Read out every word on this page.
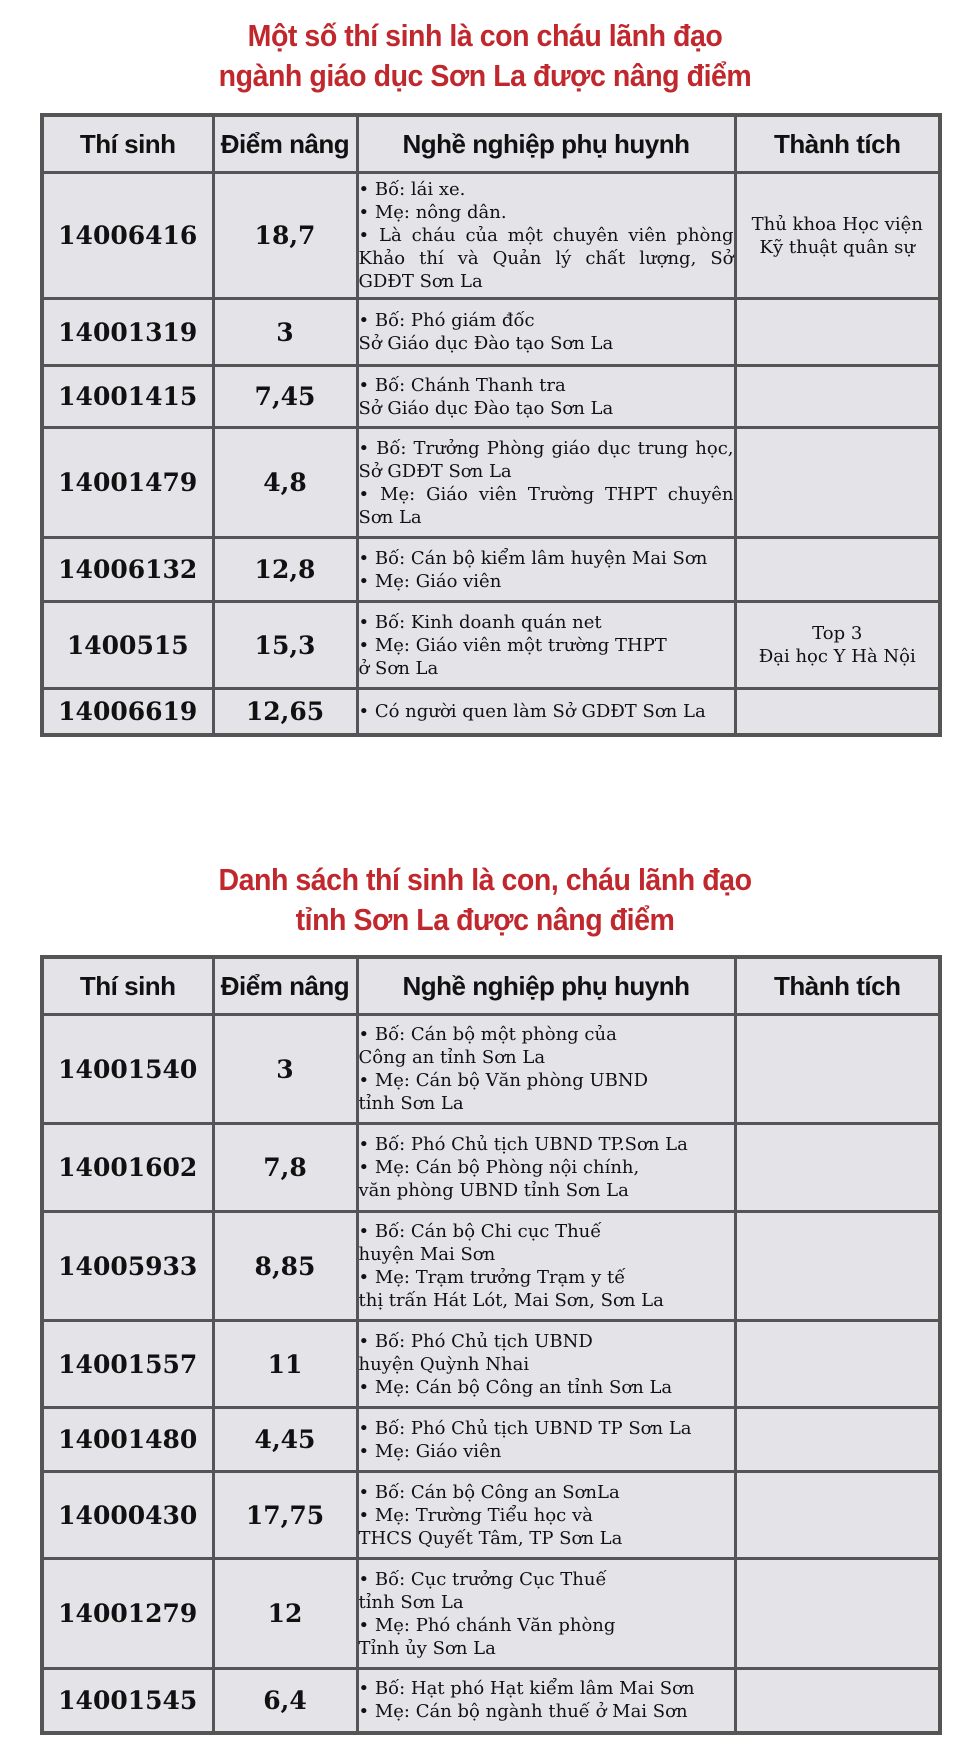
Một số thí sinh là con cháu lãnh đạo
ngành giáo dục Sơn La được nâng điểm
Thí sinh	Điểm nâng	Nghề nghiệp phụ huynh	Thành tích
14006416	18,7	• Bố: lái xe.
• Mẹ: nông dân.
• Là cháu của một chuyên viên phòng Khảo thí và Quản lý chất lượng, Sở GDĐT Sơn La	Thủ khoa Học viện
Kỹ thuật quân sự
14001319	3	• Bố: Phó giám đốc
Sở Giáo dục Đào tạo Sơn La	
14001415	7,45	• Bố: Chánh Thanh tra
Sở Giáo dục Đào tạo Sơn La	
14001479	4,8	• Bố: Trưởng Phòng giáo dục trung học, Sở GDĐT Sơn La
• Mẹ: Giáo viên Trường THPT chuyên Sơn La	
14006132	12,8	• Bố: Cán bộ kiểm lâm huyện Mai Sơn
• Mẹ: Giáo viên	
1400515	15,3	• Bố: Kinh doanh quán net
• Mẹ: Giáo viên một trường THPT
ở Sơn La	Top 3
Đại học Y Hà Nội
14006619	12,65	• Có người quen làm Sở GDĐT Sơn La	
Danh sách thí sinh là con, cháu lãnh đạo
tỉnh Sơn La được nâng điểm
Thí sinh	Điểm nâng	Nghề nghiệp phụ huynh	Thành tích
14001540	3	• Bố: Cán bộ một phòng của
Công an tỉnh Sơn La
• Mẹ: Cán bộ Văn phòng UBND
tỉnh Sơn La	
14001602	7,8	• Bố: Phó Chủ tịch UBND TP.Sơn La
• Mẹ: Cán bộ Phòng nội chính,
văn phòng UBND tỉnh Sơn La	
14005933	8,85	• Bố: Cán bộ Chi cục Thuế
huyện Mai Sơn
• Mẹ: Trạm trưởng Trạm y tế
thị trấn Hát Lót, Mai Sơn, Sơn La	
14001557	11	• Bố: Phó Chủ tịch UBND
huyện Quỳnh Nhai
• Mẹ: Cán bộ Công an tỉnh Sơn La	
14001480	4,45	• Bố: Phó Chủ tịch UBND TP Sơn La
• Mẹ: Giáo viên	
14000430	17,75	• Bố: Cán bộ Công an SơnLa
• Mẹ: Trường Tiểu học và
THCS Quyết Tâm, TP Sơn La	
14001279	12	• Bố: Cục trưởng Cục Thuế
tỉnh Sơn La
• Mẹ: Phó chánh Văn phòng
Tỉnh ủy Sơn La	
14001545	6,4	• Bố: Hạt phó Hạt kiểm lâm Mai Sơn
• Mẹ: Cán bộ ngành thuế ở Mai Sơn	
